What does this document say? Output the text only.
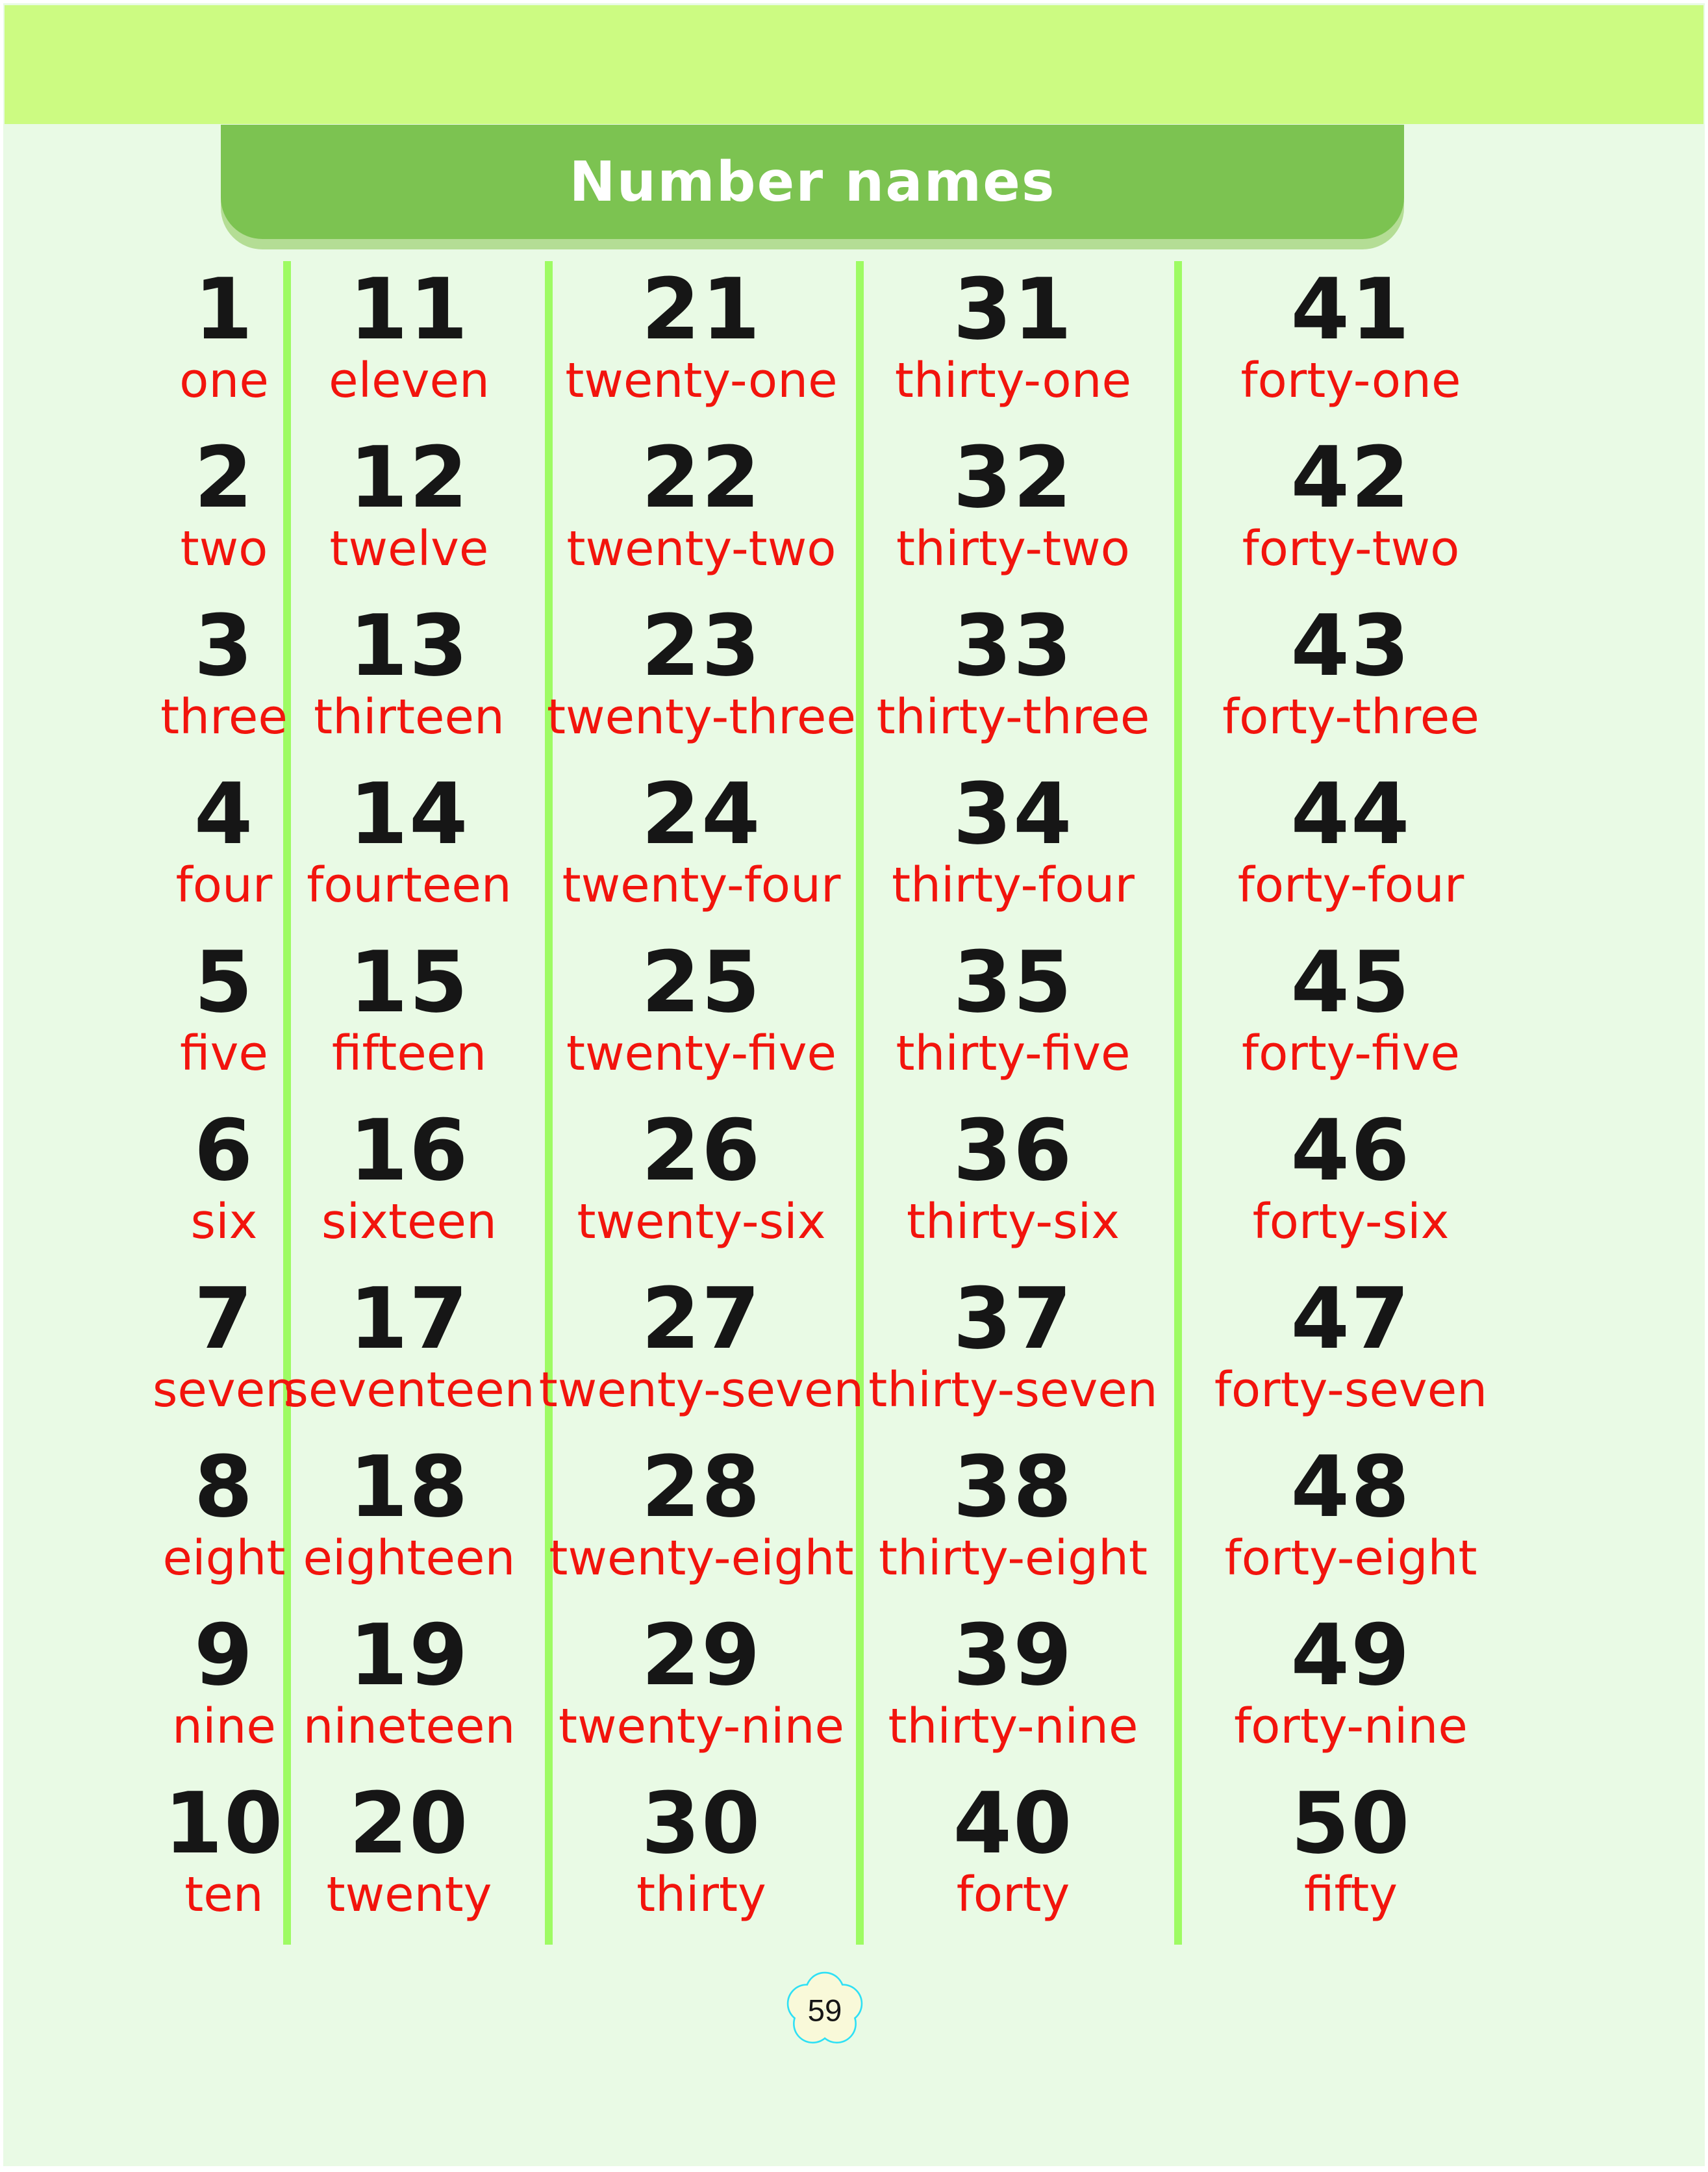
Number names
1
one
2
two
3
three
4
four
5
five
6
six
7
seven
8
eight
9
nine
10
ten
11
eleven
12
twelve
13
thirteen
14
fourteen
15
fifteen
16
sixteen
17
seventeen
18
eighteen
19
nineteen
20
twenty
21
twenty-one
22
twenty-two
23
twenty-three
24
twenty-four
25
twenty-five
26
twenty-six
27
twenty-seven
28
twenty-eight
29
twenty-nine
30
thirty
31
thirty-one
32
thirty-two
33
thirty-three
34
thirty-four
35
thirty-five
36
thirty-six
37
thirty-seven
38
thirty-eight
39
thirty-nine
40
forty
41
forty-one
42
forty-two
43
forty-three
44
forty-four
45
forty-five
46
forty-six
47
forty-seven
48
forty-eight
49
forty-nine
50
fifty
59
